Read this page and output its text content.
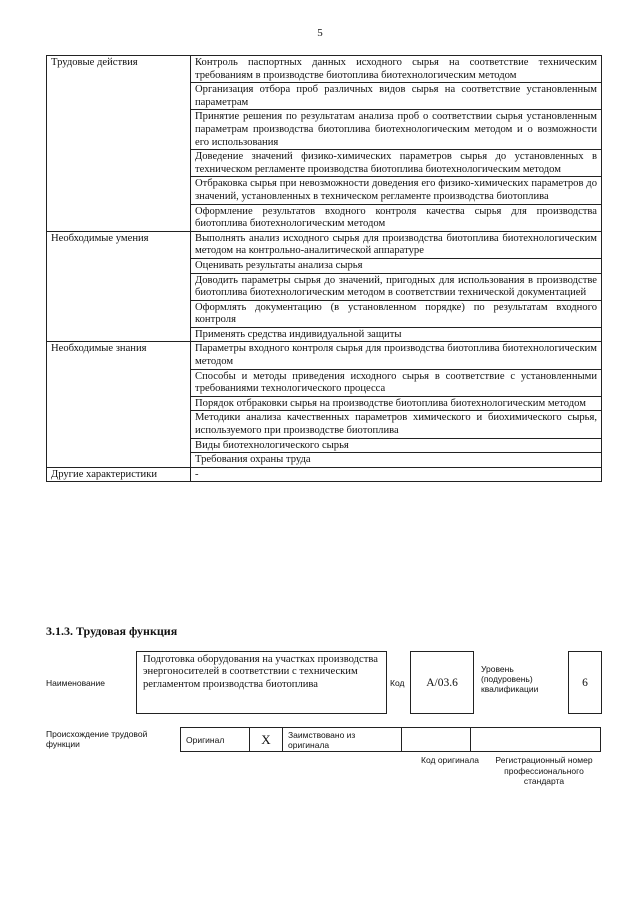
5
Трудовые действия	Контроль паспортных данных исходного сырья на соответствие техническим требованиям в производстве биотоплива биотехнологическим методом
	Организация отбора проб различных видов сырья на соответствие установленным параметрам
	Принятие решения по результатам анализа проб о соответствии сырья установленным параметрам производства биотоплива биотехнологическим методом и о возможности его использования
	Доведение значений физико-химических параметров сырья до установленных в техническом регламенте производства биотоплива биотехнологическим методом
	Отбраковка сырья при невозможности доведения его физико-химических параметров до значений, установленных в техническом регламенте производства биотоплива
	Оформление результатов входного контроля качества сырья для производства биотоплива биотехнологическим методом
Необходимые умения	Выполнять анализ исходного сырья для производства биотоплива биотехнологическим методом на контрольно-аналитической аппаратуре
	Оценивать результаты анализа сырья
	Доводить параметры сырья до значений, пригодных для использования в производстве биотоплива биотехнологическим методом в соответствии технической документацией
	Оформлять документацию (в установленном порядке) по результатам входного контроля
	Применять средства индивидуальной защиты
Необходимые знания	Параметры входного контроля сырья для производства биотоплива биотехнологическим методом
	Способы и методы приведения исходного сырья в соответствие с установленными требованиями технологического процесса
	Порядок отбраковки сырья на производстве биотоплива биотехнологическим методом
	Методики анализа качественных параметров химического и биохимического сырья, используемого при производстве биотоплива
	Виды биотехнологического сырья
	Требования охраны труда
Другие характеристики	-
3.1.3. Трудовая функция
Наименование
Подготовка оборудования на участках производства энергоносителей в соответствии с техническим регламентом производства биотоплива	Код	А/03.6
Уровень (подуровень) квалификации
6
Происхождение трудовой функции	Оригинал	X	Заимствовано из оригинала		
Код оригинала	Регистрационный номер профессионального стандарта
